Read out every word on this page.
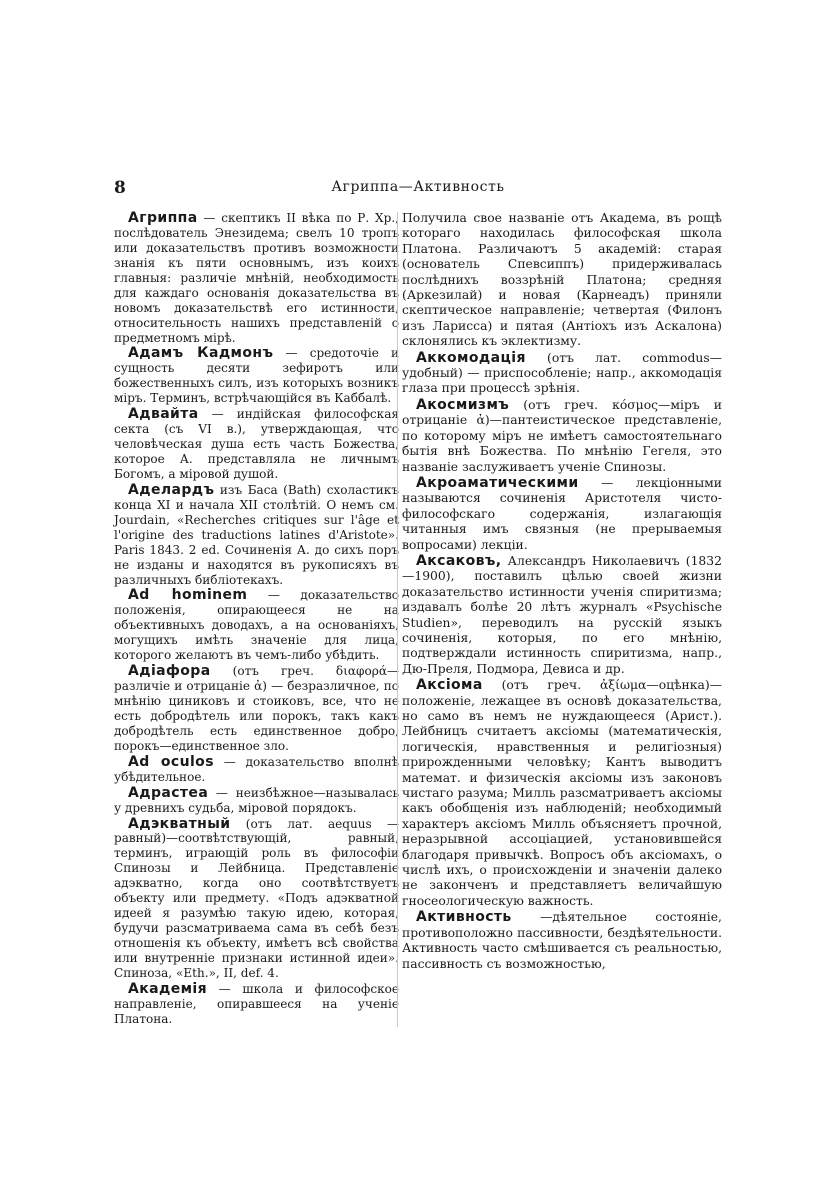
8	Агриппа—Активность

Агриппа — скептикъ II вѣка по Р. Хр., послѣдователь Энезидема; свелъ 10 тропъ или доказательствъ противъ возможности знанія къ пяти основнымъ, изъ коихъ главныя: различіе мнѣній, необходимость для каждаго основанія доказательства въ новомъ доказательствѣ его истинности, относительность нашихъ представленій о предметномъ мірѣ.

Адамъ Кадмонъ — средоточіе и сущность десяти зефиротъ или божественныхъ силъ, изъ которыхъ возникъ міръ. Терминъ, встрѣчающійся въ Каббалѣ.

Адвайта — индійская философская секта (съ VI в.), утверждающая, что человѣческая душа есть часть Божества, которое А. представляла не личнымъ Богомъ, а міровой душой.

Аделардъ изъ Баса (Bath) схоластикъ конца XI и начала XII столѣтій. О немъ см. Jourdain, «Recherches critiques sur l'âge et l'origine des traductions latines d'Aristote». Paris 1843. 2 ed. Сочиненія А. до сихъ поръ не изданы и находятся въ рукописяхъ въ различныхъ библіотекахъ.

Ad hominem — доказательство положенія, опирающееся не на объективныхъ доводахъ, а на основаніяхъ, могущихъ имѣть значеніе для лица, которого желаютъ въ чемъ-либо убѣдить.

Адіафора (отъ греч. διαφορά—различіе и отрицаніе ἀ) — безразличное, по мнѣнію циниковъ и стоиковъ, все, что не есть добродѣтель или порокъ, такъ какъ добродѣтель есть единственное добро, порокъ—единственное зло.

Ad oculos — доказательство вполнѣ убѣдительное.

Адрастеа — неизбѣжное—называлась у древнихъ судьба, міровой порядокъ.

Адэкватный (отъ лат. aequus — равный)—соотвѣтствующій, равный, терминъ, играющій роль въ философіи Спинозы и Лейбница. Представленіе адэкватно, когда оно соотвѣтствуетъ объекту или предмету. «Подъ адэкватной идеей я разумѣю такую идею, которая, будучи разсматриваема сама въ себѣ безъ отношенія къ объекту, имѣетъ всѣ свойства или внутренніе признаки истинной идеи». Спиноза, «Eth.», II, def. 4.

Академія — школа и философское направленіе, опиравшееся на ученіе Платона.

Получила свое названіе отъ Академа, въ рощѣ котораго находилась философская школа Платона. Различаютъ 5 академій: старая (основатель Спевсиппъ) придерживалась послѣднихъ воззрѣній Платона; средняя (Аркезилай) и новая (Карнеадъ) приняли скептическое направленіе; четвертая (Филонъ изъ Ларисса) и пятая (Антіохъ изъ Аскалона) склонялись къ эклектизму.

Аккомодація (отъ лат. commodus—удобный) — приспособленіе; напр., аккомодація глаза при процессѣ зрѣнія.

Акосмизмъ (отъ греч. κόσμος—міръ и отрицаніе ἀ)—пантеистическое представленіе, по которому міръ не имѣетъ самостоятельнаго бытія внѣ Божества. По мнѣнію Гегеля, это названіе заслуживаетъ ученіе Спинозы.

Акроаматическими — лекціонными называются сочиненія Аристотеля чисто-философскаго содержанія, излагающія читанныя имъ связныя (не прерываемыя вопросами) лекціи.

Аксаковъ, Александръ Николаевичъ (1832—1900), поставилъ цѣлью своей жизни доказательство истинности ученія спиритизма; издавалъ болѣе 20 лѣтъ журналъ «Psychische Studien», переводилъ на русскій языкъ сочиненія, которыя, по его мнѣнію, подтверждали истинность спиритизма, напр., Дю-Преля, Подмора, Девиса и др.

Аксіома (отъ греч. ἀξίωμα—оцѣнка)—положеніе, лежащее въ основѣ доказательства, но само въ немъ не нуждающееся (Арист.). Лейбницъ считаетъ аксіомы (математическія, логическія, нравственныя и религіозныя) прирожденными человѣку; Кантъ выводитъ математ. и физическія аксіомы изъ законовъ чистаго разума; Милль разсматриваетъ аксіомы какъ обобщенія изъ наблюденій; необходимый характеръ аксіомъ Милль объясняетъ прочной, неразрывной ассоціацией, установившейся благодаря привычкѣ. Вопросъ объ аксіомахъ, о числѣ ихъ, о происхожденіи и значеніи далеко не законченъ и представляетъ величайшую гносеологическую важность.

Активность —дѣятельное состояніе, противоположно пассивности, бездѣятельности. Активность часто смѣшивается съ реальностью, пассивность съ возможностью,
